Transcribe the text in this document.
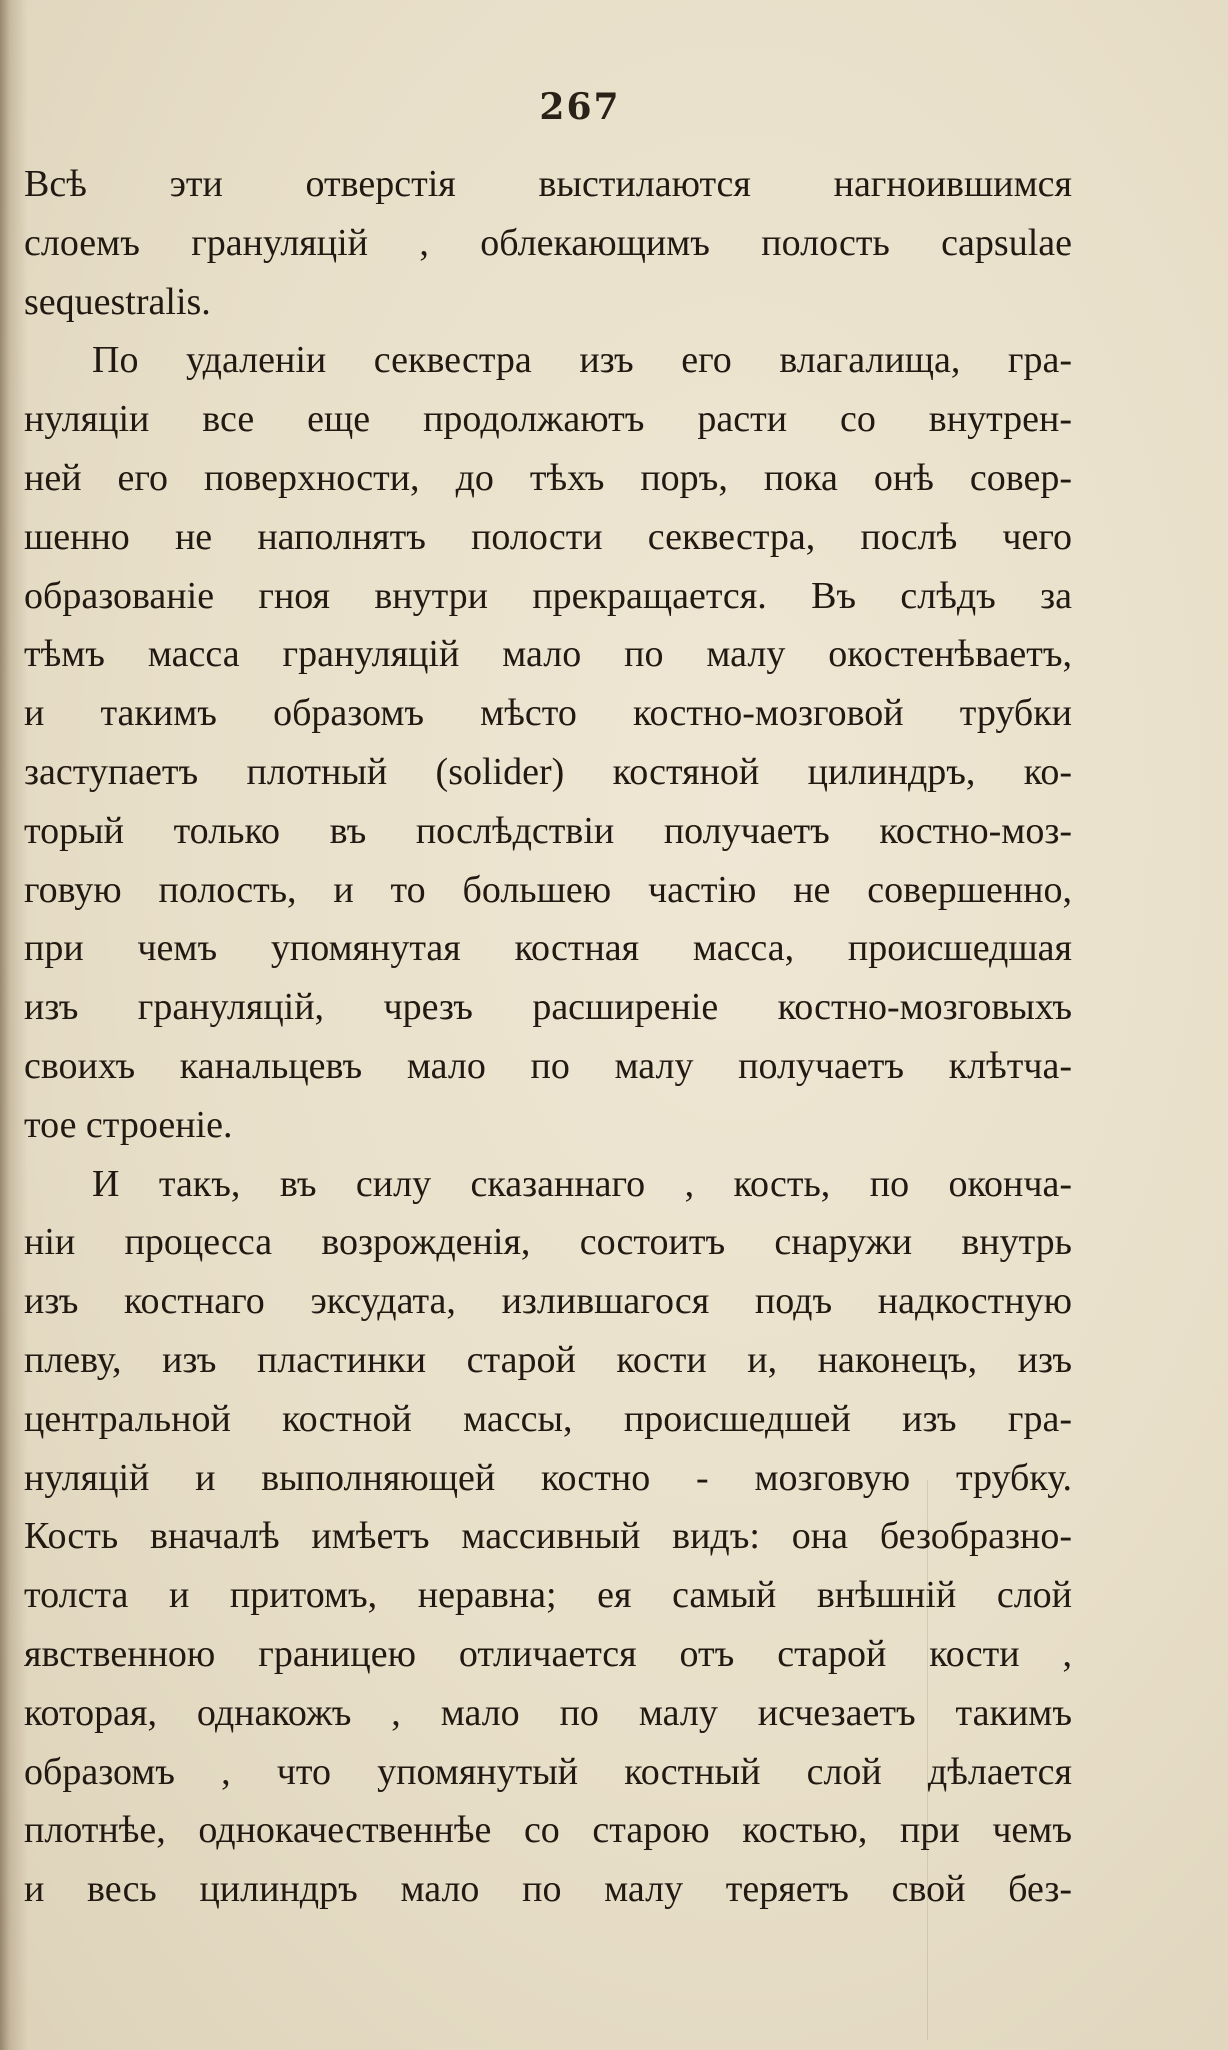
267
Всѣ эти отверстія выстилаются нагноившимся
слоемъ грануляцій , облекающимъ полость capsulae
sequestralis.
По удаленіи секвестра изъ его влагалища, гра-
нуляціи все еще продолжаютъ расти со внутрен-
ней его поверхности, до тѣхъ поръ, пока онѣ совер-
шенно не наполнятъ полости секвестра, послѣ чего
образованіе гноя внутри прекращается. Въ слѣдъ за
тѣмъ масса грануляцій мало по малу окостенѣваетъ,
и такимъ образомъ мѣсто костно-мозговой трубки
заступаетъ плотный (solider) костяной цилиндръ, ко-
торый только въ послѣдствіи получаетъ костно-моз-
говую полость, и то большею частію не совершенно,
при чемъ упомянутая костная масса, происшедшая
изъ грануляцій, чрезъ расширеніе костно-мозговыхъ
своихъ канальцевъ мало по малу получаетъ клѣтча-
тое строеніе.
И такъ, въ силу сказаннаго , кость, по оконча-
ніи процесса возрожденія, состоитъ снаружи внутрь
изъ костнаго эксудата, излившагося подъ надкостную
плеву, изъ пластинки старой кости и, наконецъ, изъ
центральной костной массы, происшедшей изъ гра-
нуляцій и выполняющей костно - мозговую трубку.
Кость вначалѣ имѣетъ массивный видъ: она безобразно-
толста и притомъ, неравна; ея самый внѣшній слой
явственною границею отличается отъ старой кости ,
которая, однакожъ , мало по малу исчезаетъ такимъ
образомъ , что упомянутый костный слой дѣлается
плотнѣе, однокачественнѣе со старою костью, при чемъ
и весь цилиндръ мало по малу теряетъ свой без-
